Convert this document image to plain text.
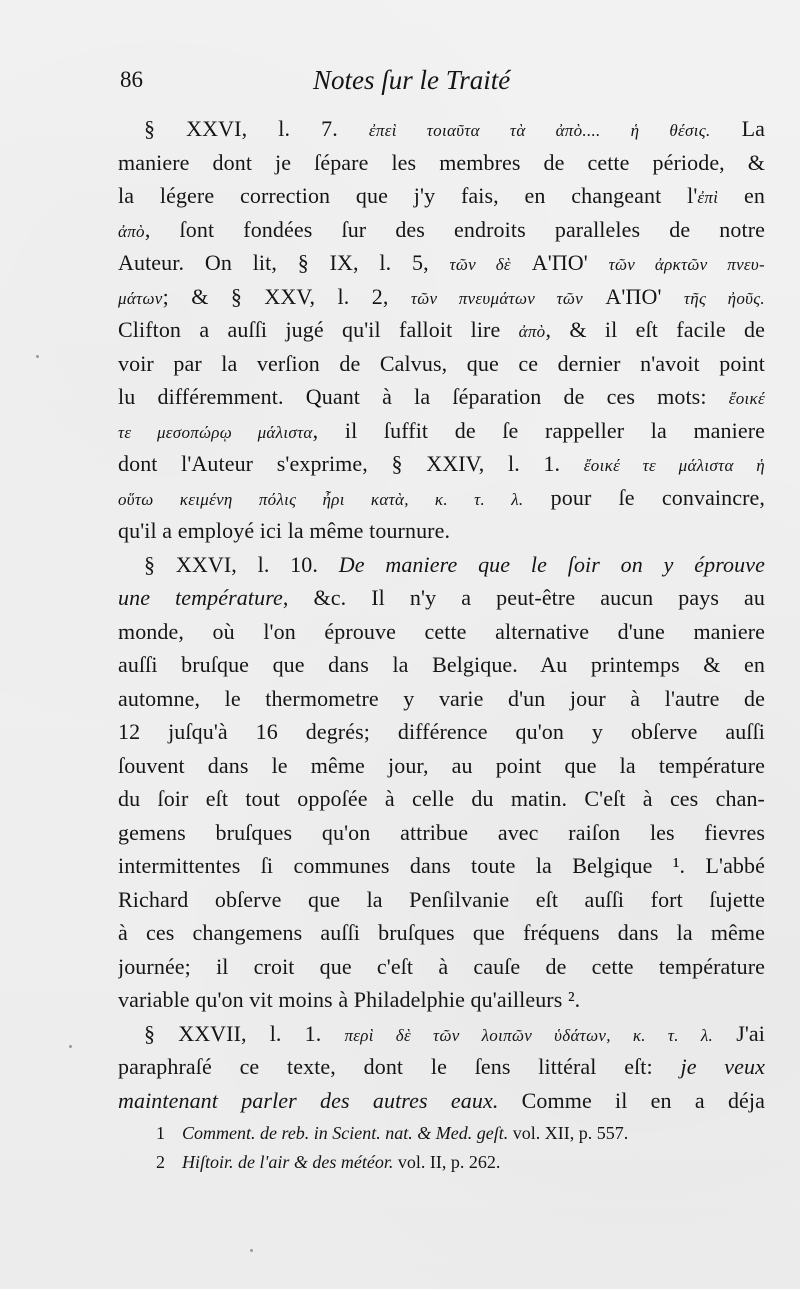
86	Notes ſur le Traité
§ XXVI, l. 7. ἐπεὶ τοιαῦτα τὰ ἀπὸ.... ἡ θέσις. La
maniere dont je ſépare les membres de cette période, &
la légere correction que j'y fais, en changeant l'ἐπὶ en
ἀπὸ, ſont fondées ſur des endroits paralleles de notre
Auteur. On lit, § IX, l. 5, τῶν δὲ A'ΠΟ' τῶν ἀρκτῶν πνευ-
μάτων; & § XXV, l. 2, τῶν πνευμάτων τῶν A'ΠΟ' τῆς ἠοῦς.
Clifton a auſſi jugé qu'il falloit lire ἀπὸ, & il eſt facile de
voir par la verſion de Calvus, que ce dernier n'avoit point
lu différemment. Quant à la ſéparation de ces mots: ἔοικέ
τε μεσοπώρῳ μάλιστα, il ſuffit de ſe rappeller la maniere
dont l'Auteur s'exprime, § XXIV, l. 1. ἔοικέ τε μάλιστα ἡ
οὕτω κειμένη πόλις ἦρι κατὰ, κ. τ. λ. pour ſe convaincre,
qu'il a employé ici la même tournure.
§ XXVI, l. 10. De maniere que le ſoir on y éprouve
une température, &c. Il n'y a peut-être aucun pays au
monde, où l'on éprouve cette alternative d'une maniere
auſſi bruſque que dans la Belgique. Au printemps & en
automne, le thermometre y varie d'un jour à l'autre de
12 juſqu'à 16 degrés; différence qu'on y obſerve auſſi
ſouvent dans le même jour, au point que la température
du ſoir eſt tout oppoſée à celle du matin. C'eſt à ces chan-
gemens bruſques qu'on attribue avec raiſon les fievres
intermittentes ſi communes dans toute la Belgique ¹. L'abbé
Richard obſerve que la Penſilvanie eſt auſſi fort ſujette
à ces changemens auſſi bruſques que fréquens dans la même
journée; il croit que c'eſt à cauſe de cette température
variable qu'on vit moins à Philadelphie qu'ailleurs ².
§ XXVII, l. 1. περὶ δὲ τῶν λοιπῶν ὑδάτων, κ. τ. λ. J'ai
paraphraſé ce texte, dont le ſens littéral eſt: je veux
maintenant parler des autres eaux. Comme il en a déja
1 Comment. de reb. in Scient. nat. & Med. geſt. vol. XII, p. 557.
2 Hiſtoir. de l'air & des météor. vol. II, p. 262.
